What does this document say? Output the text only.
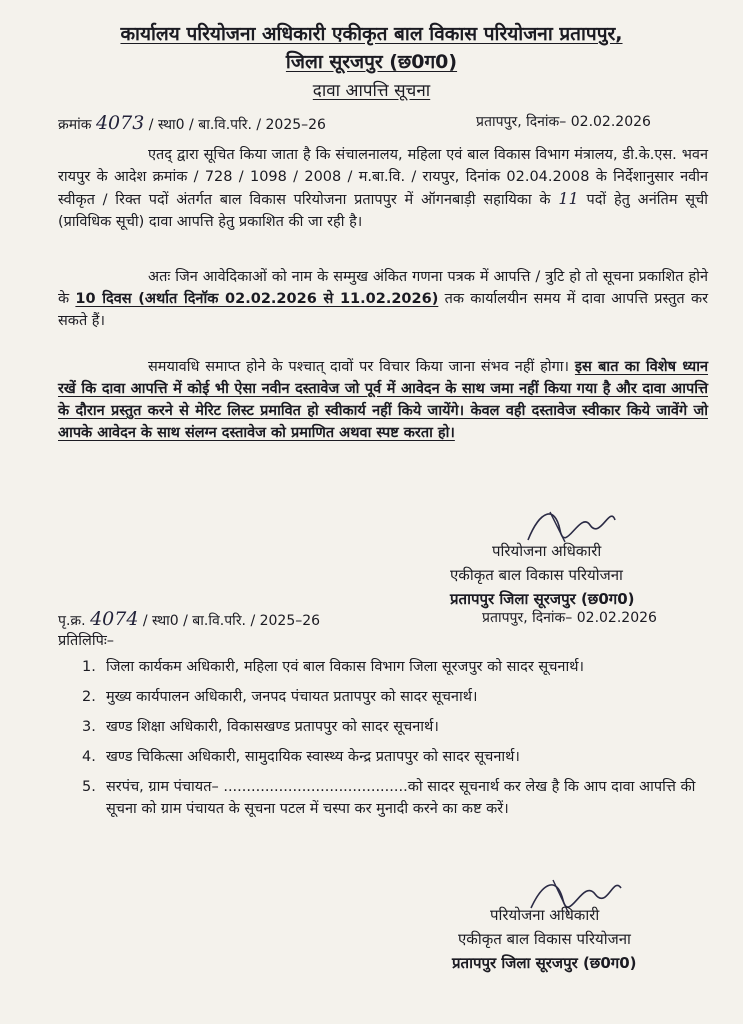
कार्यालय परियोजना अधिकारी एकीकृत बाल विकास परियोजना प्रतापपुर,
जिला सूरजपुर (छ0ग0)
दावा आपत्ति सूचना
क्रमांक 4073 / स्था0 / बा.वि.परि. / 2025–26	प्रतापपुर, दिनांक– 02.02.2026
एतद् द्वारा सूचित किया जाता है कि संचालनालय, महिला एवं बाल विकास विभाग मंत्रालय, डी.के.एस. भवन रायपुर के आदेश क्रमांक / 728 / 1098 / 2008 / म.बा.वि. / रायपुर, दिनांक 02.04.2008 के निर्देशानुसार नवीन स्वीकृत / रिक्त पदों अंतर्गत बाल विकास परियोजना प्रतापपुर में ऑगनबाड़ी सहायिका के 11 पदों हेतु अनंतिम सूची (प्राविधिक सूची) दावा आपत्ति हेतु प्रकाशित की जा रही है।
अतः जिन आवेदिकाओं को नाम के सम्मुख अंकित गणना पत्रक में आपत्ति / त्रुटि हो तो सूचना प्रकाशित होने के 10 दिवस (अर्थात दिनॉक 02.02.2026 से 11.02.2026) तक कार्यालयीन समय में दावा आपत्ति प्रस्तुत कर सकते हैं।
समयावधि समाप्त होने के पश्चात् दावों पर विचार किया जाना संभव नहीं होगा। इस बात का विशेष ध्यान रखें कि दावा आपत्ति में कोई भी ऐसा नवीन दस्तावेज जो पूर्व में आवेदन के साथ जमा नहीं किया गया है और दावा आपत्ति के दौरान प्रस्तुत करने से मेरिट लिस्ट प्रमावित हो स्वीकार्य नहीं किये जायेंगे। केवल वही दस्तावेज स्वीकार किये जावेंगे जो आपके आवेदन के साथ संलग्न दस्तावेज को प्रमाणित अथवा स्पष्ट करता हो।
परियोजना अधिकारी
एकीकृत बाल विकास परियोजना
प्रतापपुर जिला सूरजपुर (छ0ग0)
पृ.क्र. 4074 / स्था0 / बा.वि.परि. / 2025–26	प्रतापपुर, दिनांक– 02.02.2026
प्रतिलिपिः–
1. जिला कार्यकम अधिकारी, महिला एवं बाल विकास विभाग जिला सूरजपुर को सादर सूचनार्थ।
2. मुख्य कार्यपालन अधिकारी, जनपद पंचायत प्रतापपुर को सादर सूचनार्थ।
3. खण्ड शिक्षा अधिकारी, विकासखण्ड प्रतापपुर को सादर सूचनार्थ।
4. खण्ड चिकित्सा अधिकारी, सामुदायिक स्वास्थ्य केन्द्र प्रतापपुर को सादर सूचनार्थ।
5. सरपंच, ग्राम पंचायत– ........................................को सादर सूचनार्थ कर लेख है कि आप दावा आपत्ति की सूचना को ग्राम पंचायत के सूचना पटल में चस्पा कर मुनादी करने का कष्ट करें।
परियोजना अधिकारी
एकीकृत बाल विकास परियोजना
प्रतापपुर जिला सूरजपुर (छ0ग0)
